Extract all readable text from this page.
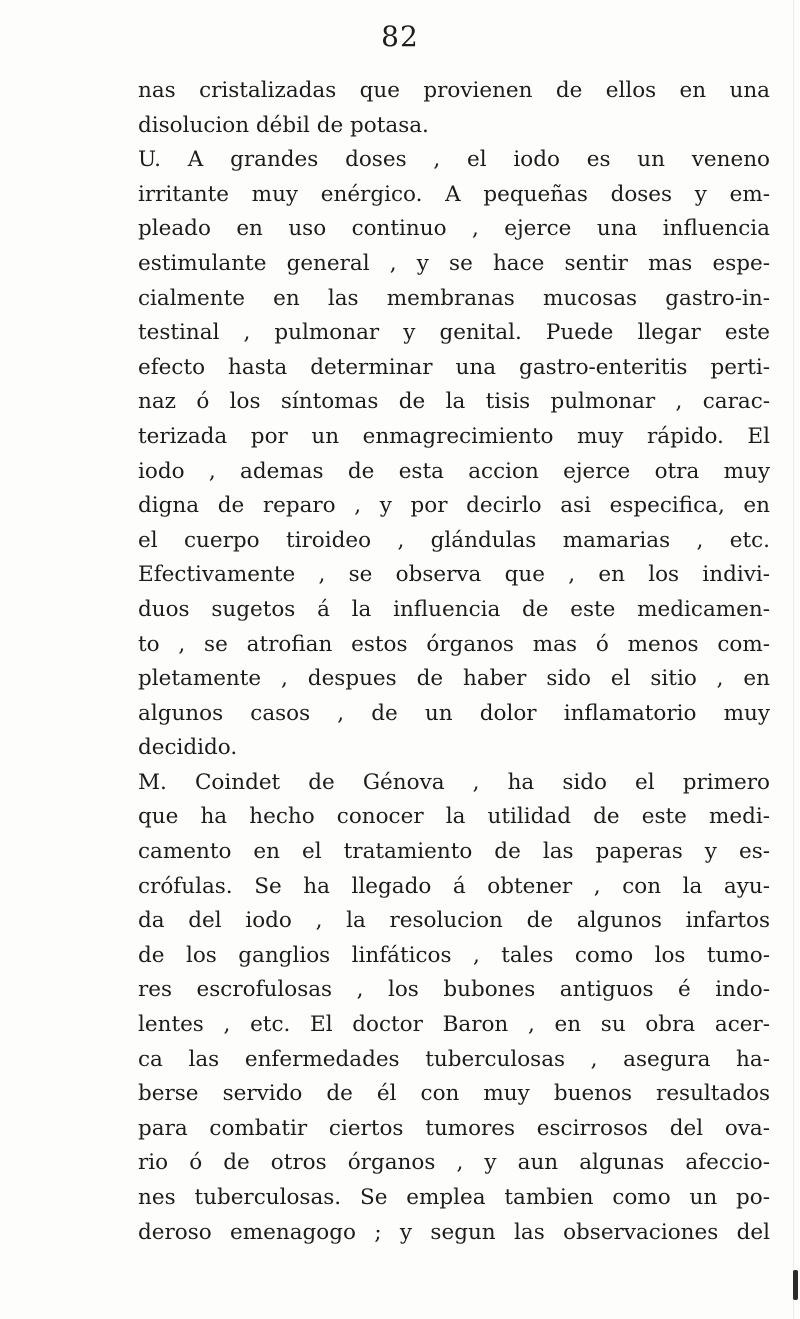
82
nas cristalizadas que provienen de ellos en una
disolucion débil de potasa.
U. A grandes doses , el iodo es un veneno
irritante muy enérgico. A pequeñas doses y em-
pleado en uso continuo , ejerce una influencia
estimulante general , y se hace sentir mas espe-
cialmente en las membranas mucosas gastro-in-
testinal , pulmonar y genital. Puede llegar este
efecto hasta determinar una gastro-enteritis perti-
naz ó los síntomas de la tisis pulmonar , carac-
terizada por un enmagrecimiento muy rápido. El
iodo , ademas de esta accion ejerce otra muy
digna de reparo , y por decirlo asi especifica, en
el cuerpo tiroideo , glándulas mamarias , etc.
Efectivamente , se observa que , en los indivi-
duos sugetos á la influencia de este medicamen-
to , se atrofian estos órganos mas ó menos com-
pletamente , despues de haber sido el sitio , en
algunos casos , de un dolor inflamatorio muy
decidido.
M. Coindet de Génova , ha sido el primero
que ha hecho conocer la utilidad de este medi-
camento en el tratamiento de las paperas y es-
crófulas. Se ha llegado á obtener , con la ayu-
da del iodo , la resolucion de algunos infartos
de los ganglios linfáticos , tales como los tumo-
res escrofulosas , los bubones antiguos é indo-
lentes , etc. El doctor Baron , en su obra acer-
ca las enfermedades tuberculosas , asegura ha-
berse servido de él con muy buenos resultados
para combatir ciertos tumores escirrosos del ova-
rio ó de otros órganos , y aun algunas afeccio-
nes tuberculosas. Se emplea tambien como un po-
deroso emenagogo ; y segun las observaciones del
